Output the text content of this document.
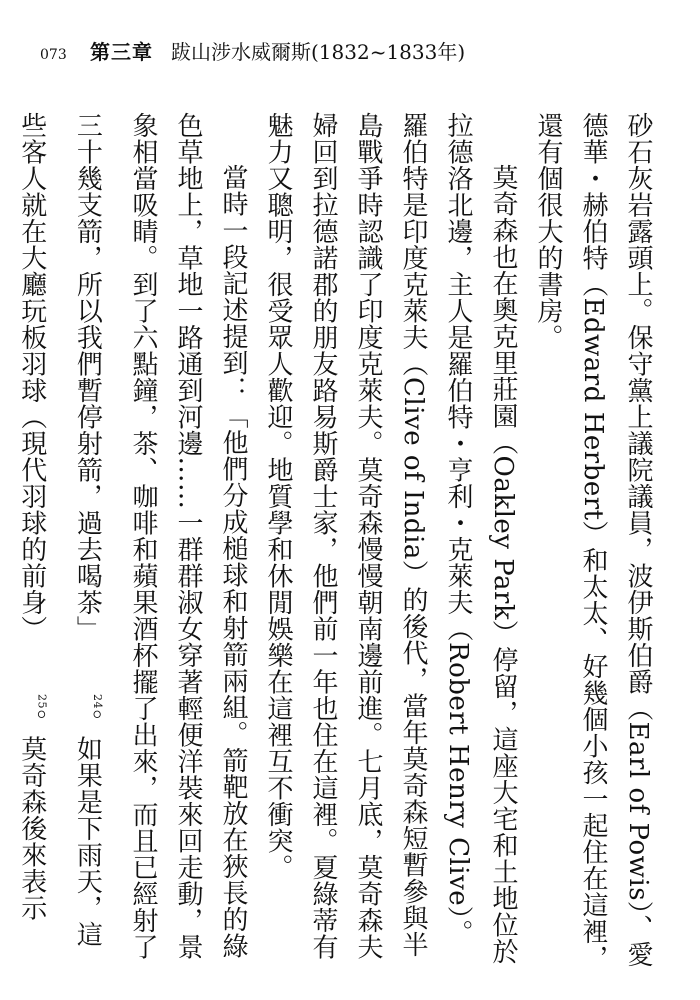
073	第三章 跋山涉水威爾斯(1832~1833年)

砂石灰岩露頭上。保守黨上議院議員，波伊斯伯爵（Earl of Powis）、愛德華・赫伯特（Edward Herbert）和太太、好幾個小孩一起住在這裡，還有個很大的書房。

莫奇森也在奧克里莊園（Oakley Park）停留，這座大宅和土地位於拉德洛北邊，主人是羅伯特・亨利・克萊夫（Robert Henry Clive）。羅伯特是印度克萊夫（Clive of India）的後代，當年莫奇森短暫參與半島戰爭時認識了印度克萊夫。莫奇森慢慢朝南邊前進。七月底，莫奇森夫婦回到拉德諾郡的朋友路易斯爵士家，他們前一年也住在這裡。夏綠蒂有魅力又聰明，很受眾人歡迎。地質學和休閒娛樂在這裡互不衝突。

當時一段記述提到：「他們分成槌球和射箭兩組。箭靶放在狹長的綠色草地上，草地一路通到河邊……一群群淑女穿著輕便洋裝來回走動，景象相當吸睛。到了六點鐘，茶、咖啡和蘋果酒杯擺了出來，而且已經射了三十幾支箭，所以我們暫停射箭，過去喝茶」$^{24}$。如果是下雨天，這些客人就在大廳玩板羽球（現代羽球的前身）$^{25}$。莫奇森後來表示
